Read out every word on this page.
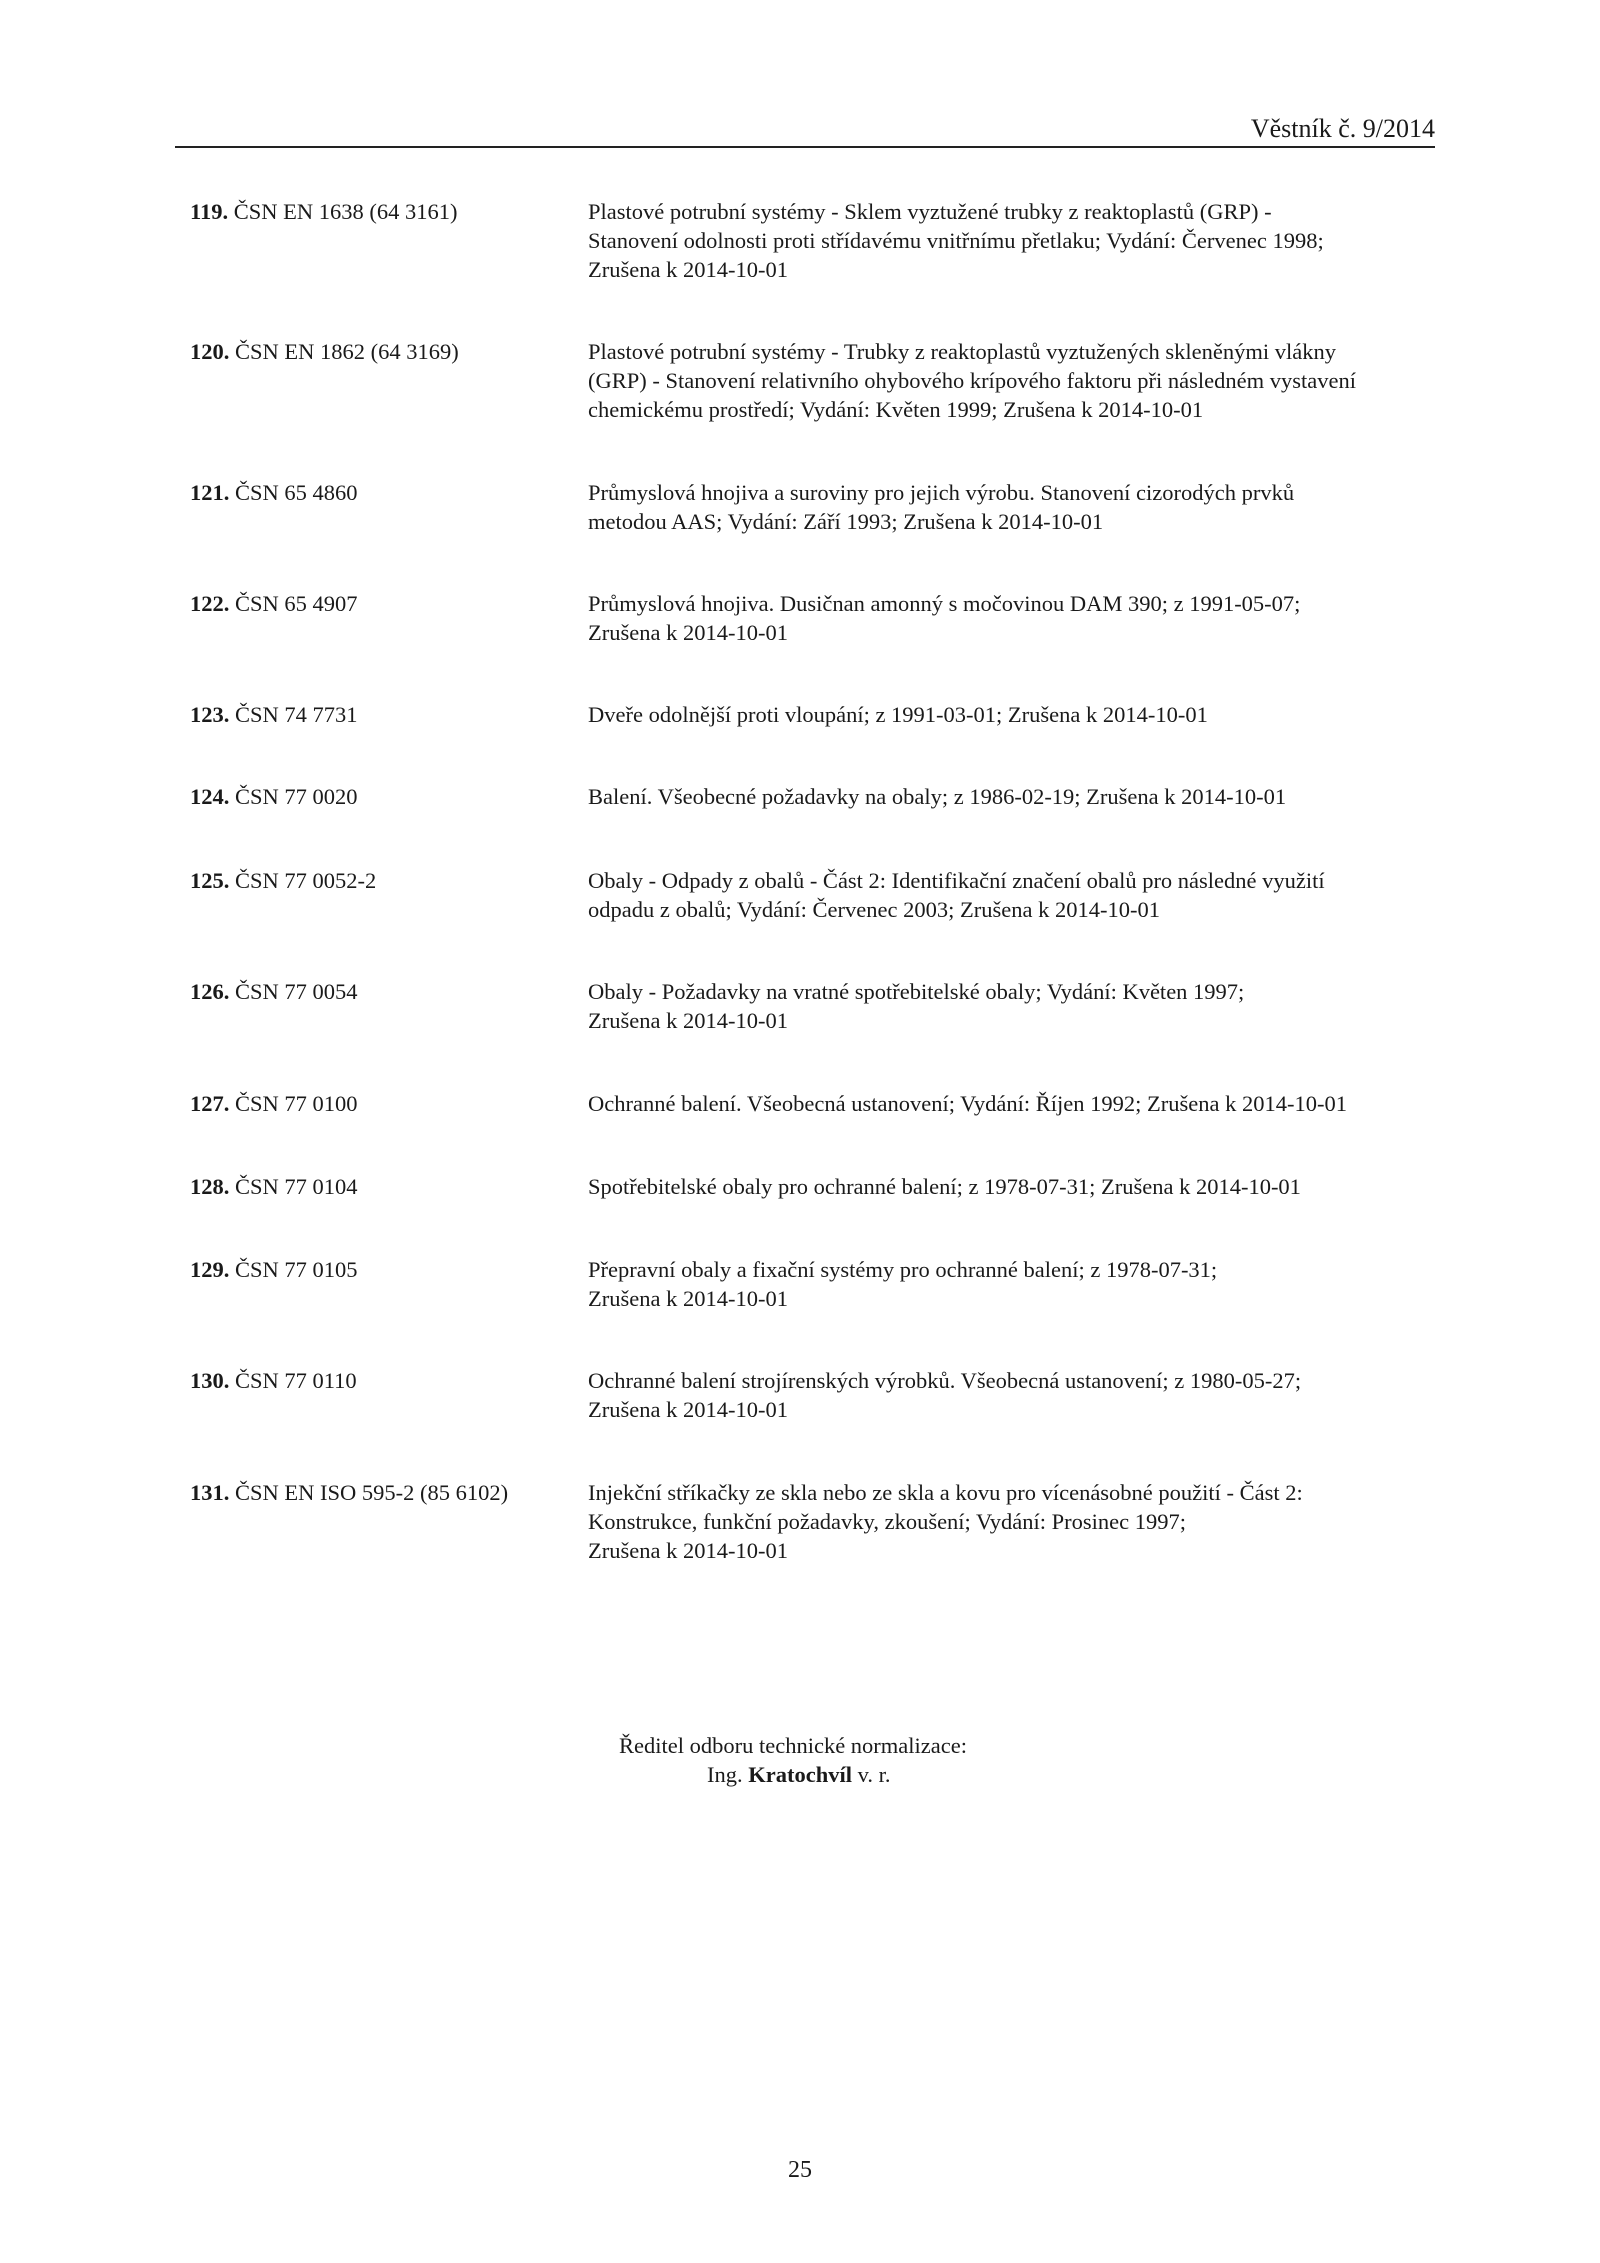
Věstník č. 9/2014
119. ČSN EN 1638 (64 3161)	Plastové potrubní systémy - Sklem vyztužené trubky z reaktoplastů (GRP) -
Stanovení odolnosti proti střídavému vnitřnímu přetlaku; Vydání: Červenec 1998;
Zrušena k 2014-10-01
120. ČSN EN 1862 (64 3169)	Plastové potrubní systémy - Trubky z reaktoplastů vyztužených skleněnými vlákny
(GRP) - Stanovení relativního ohybového krípového faktoru při následném vystavení
chemickému prostředí; Vydání: Květen 1999; Zrušena k 2014-10-01
121. ČSN 65 4860	Průmyslová hnojiva a suroviny pro jejich výrobu. Stanovení cizorodých prvků
metodou AAS; Vydání: Září 1993; Zrušena k 2014-10-01
122. ČSN 65 4907	Průmyslová hnojiva. Dusičnan amonný s močovinou DAM 390; z 1991-05-07;
Zrušena k 2014-10-01
123. ČSN 74 7731	Dveře odolnější proti vloupání; z 1991-03-01; Zrušena k 2014-10-01
124. ČSN 77 0020	Balení. Všeobecné požadavky na obaly; z 1986-02-19; Zrušena k 2014-10-01
125. ČSN 77 0052-2	Obaly - Odpady z obalů - Část 2: Identifikační značení obalů pro následné využití
odpadu z obalů; Vydání: Červenec 2003; Zrušena k 2014-10-01
126. ČSN 77 0054	Obaly - Požadavky na vratné spotřebitelské obaly; Vydání: Květen 1997;
Zrušena k 2014-10-01
127. ČSN 77 0100	Ochranné balení. Všeobecná ustanovení; Vydání: Říjen 1992; Zrušena k 2014-10-01
128. ČSN 77 0104	Spotřebitelské obaly pro ochranné balení; z 1978-07-31; Zrušena k 2014-10-01
129. ČSN 77 0105	Přepravní obaly a fixační systémy pro ochranné balení; z 1978-07-31;
Zrušena k 2014-10-01
130. ČSN 77 0110	Ochranné balení strojírenských výrobků. Všeobecná ustanovení; z 1980-05-27;
Zrušena k 2014-10-01
131. ČSN EN ISO 595-2 (85 6102)	Injekční stříkačky ze skla nebo ze skla a kovu pro vícenásobné použití - Část 2:
Konstrukce, funkční požadavky, zkoušení; Vydání: Prosinec 1997;
Zrušena k 2014-10-01
Ředitel odboru technické normalizace:
Ing. Kratochvíl v. r.
25
